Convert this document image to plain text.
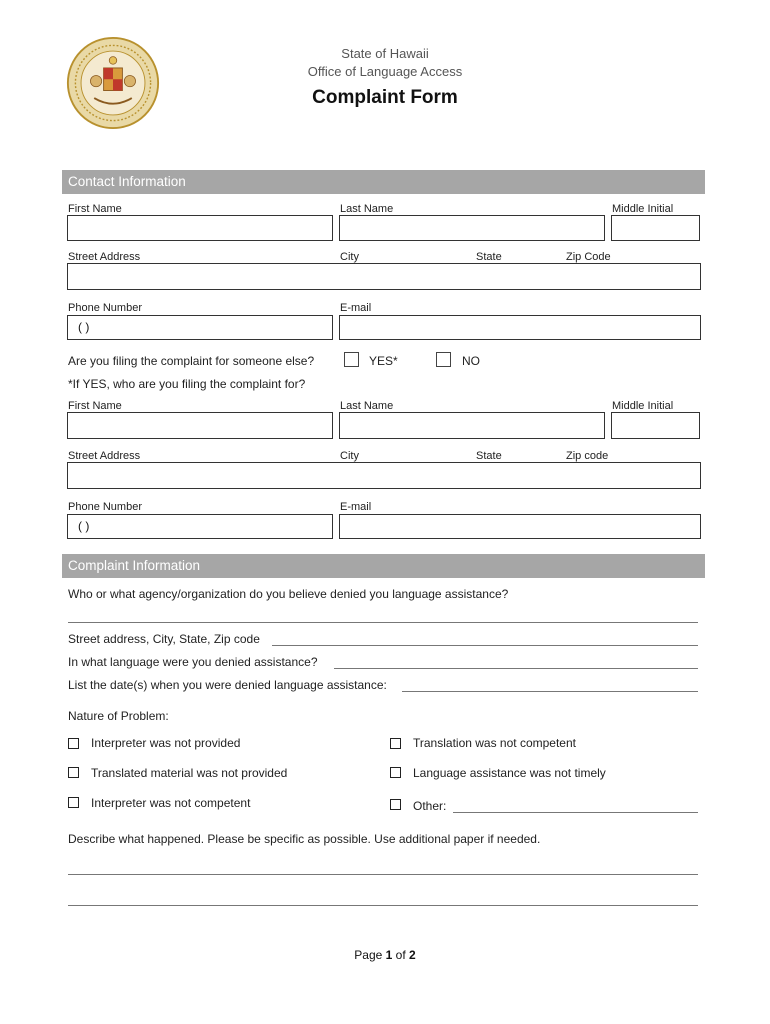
State of Hawaii
Office of Language Access
Complaint Form
Contact Information
First Name	Last Name	Middle Initial
Street Address	City	State	Zip Code
Phone Number	E-mail
( )
Are you filing the complaint for someone else?	YES*	NO
*If YES, who are you filing the complaint for?
First Name	Last Name	Middle Initial
Street Address	City	State	Zip code
Phone Number	E-mail
( )
Complaint Information
Who or what agency/organization do you believe denied you language assistance?
Street address, City, State, Zip code
In what language were you denied assistance?
List the date(s) when you were denied language assistance:
Nature of Problem:
Interpreter was not provided	Translation was not competent
Translated material was not provided	Language assistance was not timely
Interpreter was not competent	Other:
Describe what happened. Please be specific as possible. Use additional paper if needed.
Page 1 of 2
